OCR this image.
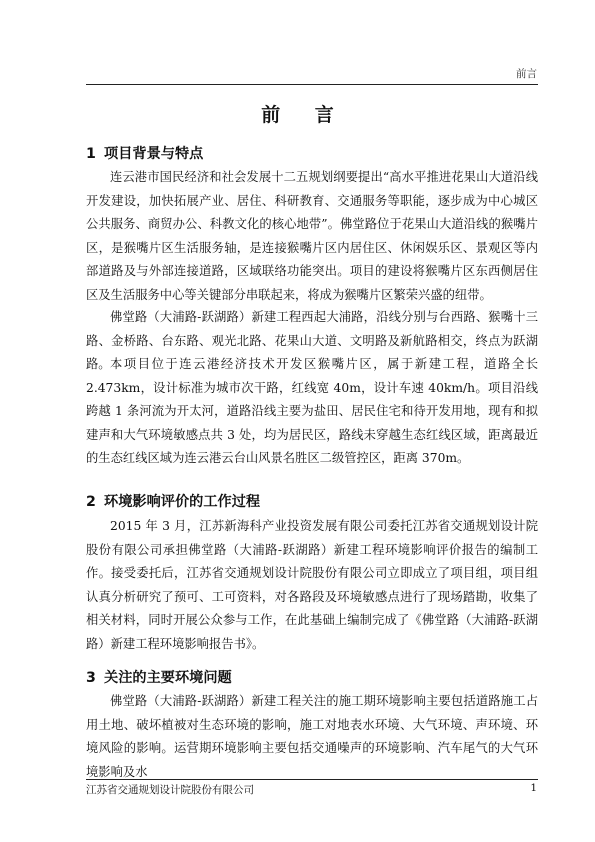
前言
前 言
1 项目背景与特点
连云港市国民经济和社会发展十二五规划纲要提出“高水平推进花果山大道沿线开发建设，加快拓展产业、居住、科研教育、交通服务等职能，逐步成为中心城区公共服务、商贸办公、科教文化的核心地带”。佛堂路位于花果山大道沿线的猴嘴片区，是猴嘴片区生活服务轴，是连接猴嘴片区内居住区、休闲娱乐区、景观区等内部道路及与外部连接道路，区域联络功能突出。项目的建设将猴嘴片区东西侧居住区及生活服务中心等关键部分串联起来，将成为猴嘴片区繁荣兴盛的纽带。
佛堂路（大浦路-跃湖路）新建工程西起大浦路，沿线分别与台西路、猴嘴十三路、金桥路、台东路、观光北路、花果山大道、文明路及新航路相交，终点为跃湖路。 本项目位于连云港经济技术开发区猴嘴片区，属于新建工程，道路全长 2.473km，设计标准为城市次干路，红线宽 40m，设计车速 40km/h。项目沿线跨越 1 条河流为开太河，道路沿线主要为盐田、居民住宅和待开发用地，现有和拟建声和大气环境敏感点共 3 处，均为居民区，路线未穿越生态红线区域，距离最近的生态红线区域为连云港云台山风景名胜区二级管控区，距离 370m。
2 环境影响评价的工作过程
2015 年 3 月，江苏新海科产业投资发展有限公司委托江苏省交通规划设计院股份有限公司承担佛堂路（大浦路-跃湖路）新建工程环境影响评价报告的编制工作。接受委托后，江苏省交通规划设计院股份有限公司立即成立了项目组，项目组认真分析研究了预可、工可资料，对各路段及环境敏感点进行了现场踏勘，收集了相关材料，同时开展公众参与工作，在此基础上编制完成了《佛堂路（大浦路-跃湖路）新建工程环境影响报告书》。
3 关注的主要环境问题
佛堂路（大浦路-跃湖路）新建工程关注的施工期环境影响主要包括道路施工占用土地、破坏植被对生态环境的影响，施工对地表水环境、大气环境、声环境、环境风险的影响。运营期环境影响主要包括交通噪声的环境影响、汽车尾气的大气环境影响及水
江苏省交通规划设计院股份有限公司	1
